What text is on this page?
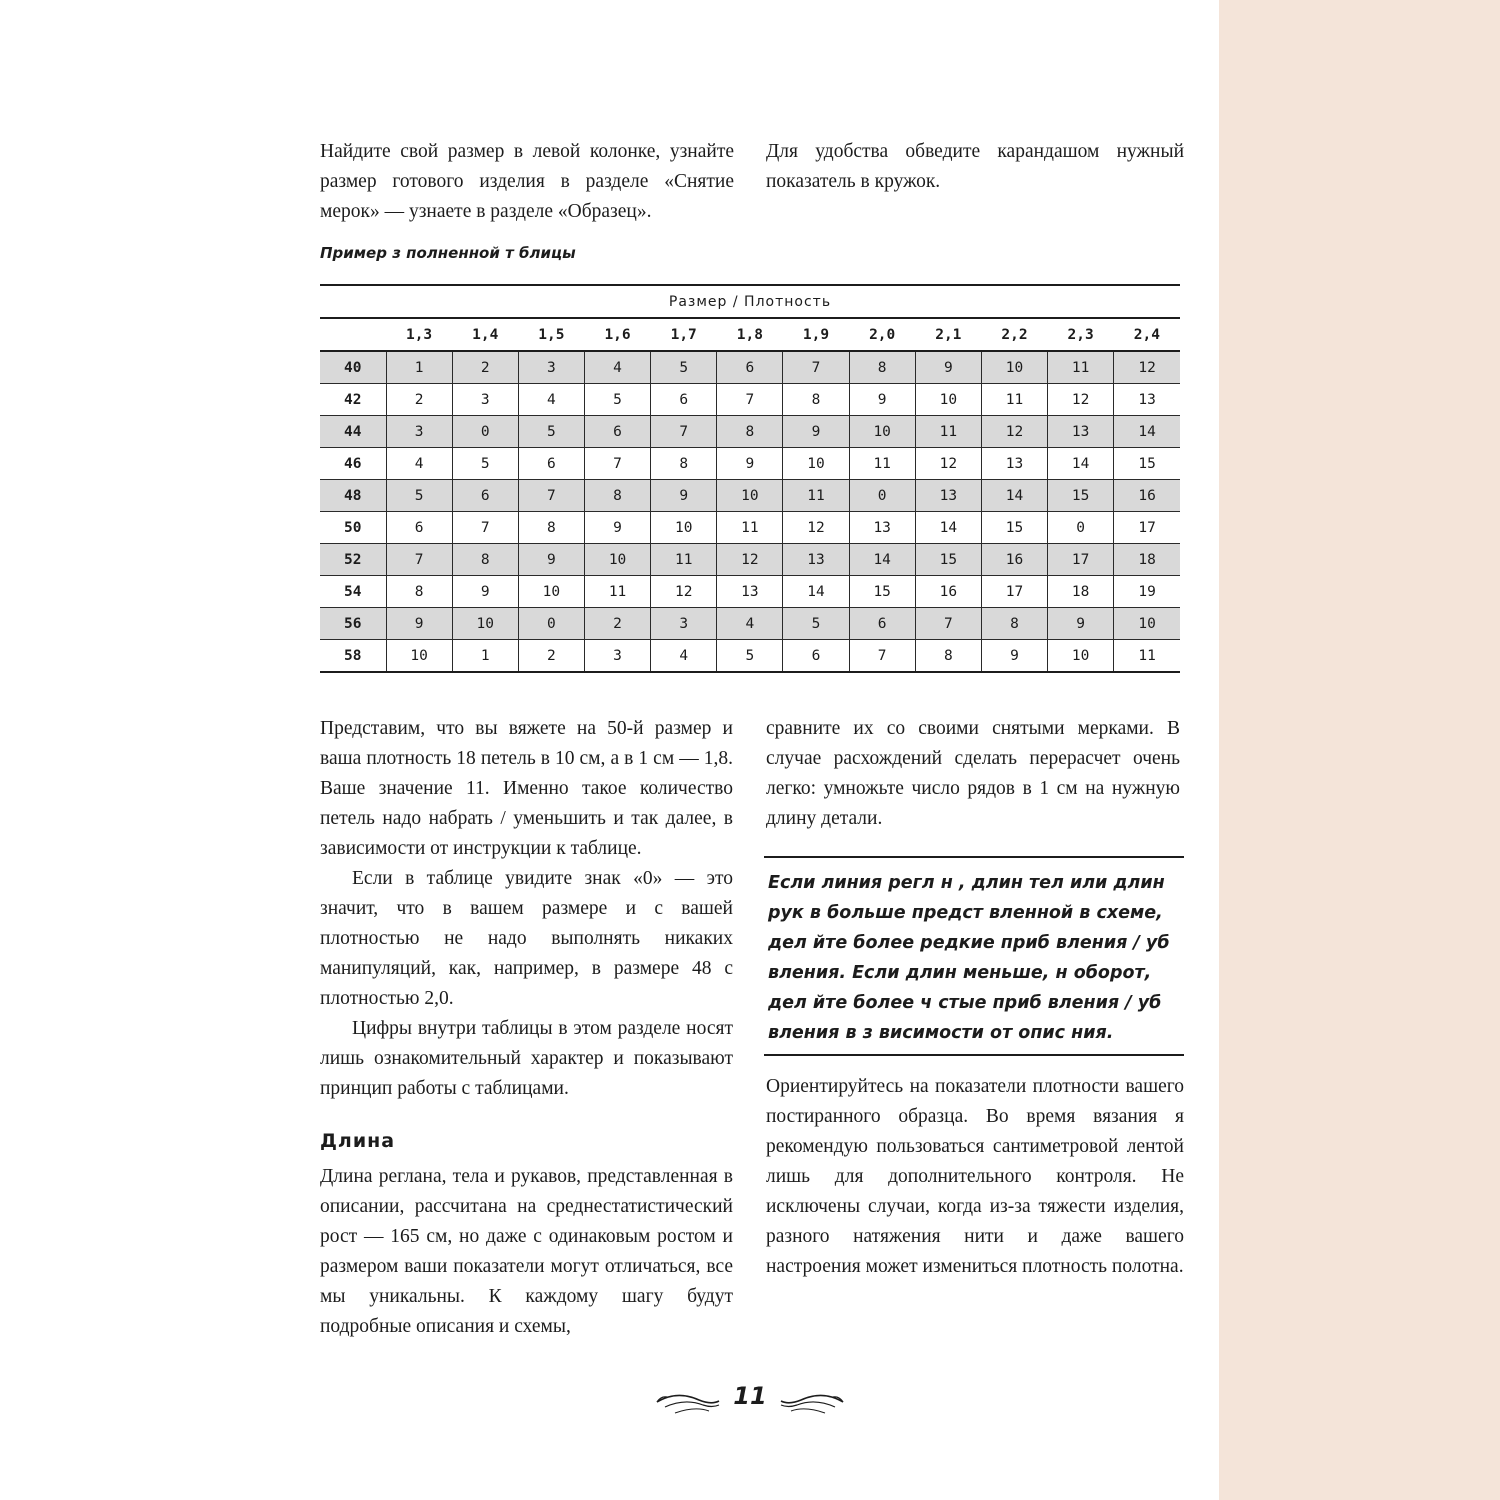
Найдите свой размер в левой колонке, узнайте размер готового изделия в разделе «Снятие мерок» — узнаете в разделе «Образец».

Для удобства обведите карандашом нужный показатель в кружок.

Пример з полненной т блицы

Размер / Плотность												
	1,3	1,4	1,5	1,6	1,7	1,8	1,9	2,0	2,1	2,2	2,3	2,4
40	1	2	3	4	5	6	7	8	9	10	11	12
42	2	3	4	5	6	7	8	9	10	11	12	13
44	3	0	5	6	7	8	9	10	11	12	13	14
46	4	5	6	7	8	9	10	11	12	13	14	15
48	5	6	7	8	9	10	11	0	13	14	15	16
50	6	7	8	9	10	11	12	13	14	15	0	17
52	7	8	9	10	11	12	13	14	15	16	17	18
54	8	9	10	11	12	13	14	15	16	17	18	19
56	9	10	0	2	3	4	5	6	7	8	9	10
58	10	1	2	3	4	5	6	7	8	9	10	11

Представим, что вы вяжете на 50-й размер и ваша плотность 18 петель в 10 см, а в 1 см — 1,8. Ваше значение 11. Именно такое количество петель надо набрать / уменьшить и так далее, в зависимости от инструкции к таблице.

Если в таблице увидите знак «0» — это значит, что в вашем размере и с вашей плотностью не надо выполнять никаких манипуляций, как, например, в размере 48 с плотностью 2,0.

Цифры внутри таблицы в этом разделе носят лишь ознакомительный характер и показывают принцип работы с таблицами.

Длина

Длина реглана, тела и рукавов, представленная в описании, рассчитана на среднестатистический рост — 165 см, но даже с одинаковым ростом и размером ваши показатели могут отличаться, все мы уникальны. К каждому шагу будут подробные описания и схемы,

сравните их со своими снятыми мерками. В случае расхождений сделать перерасчет очень легко: умножьте число рядов в 1 см на нужную длину детали.

Если линия регл н , длин тел или длин рук в больше предст вленной в схеме, дел йте более редкие приб вления / уб вления. Если длин меньше, н оборот, дел йте более ч стые приб вления / уб вления в з висимости от опис ния.

Ориентируйтесь на показатели плотности вашего постиранного образца. Во время вязания я рекомендую пользоваться сантиметровой лентой лишь для дополнительного контроля. Не исключены случаи, когда из-за тяжести изделия, разного натяжения нити и даже вашего настроения может измениться плотность полотна.

11
